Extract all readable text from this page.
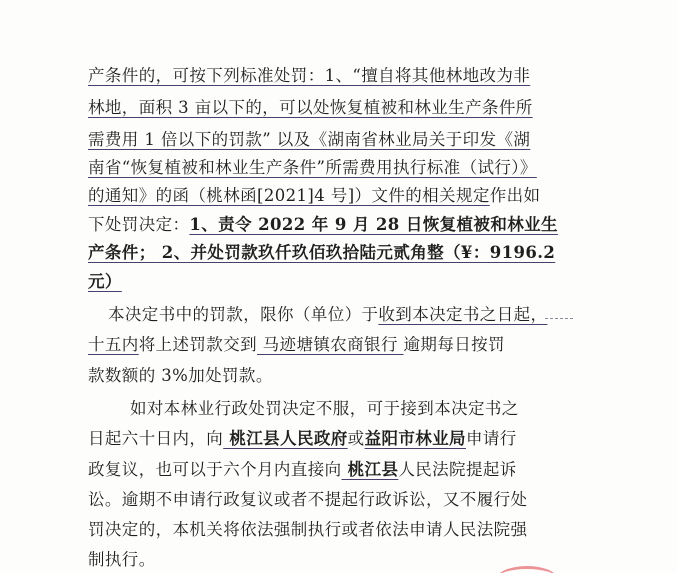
产条件的，可按下列标准处罚：1、“擅自将其他林地改为非
林地，面积 3 亩以下的，可以处恢复植被和林业生产条件所
需费用 1 倍以下的罚款” 以及《湖南省林业局关于印发《湖
南省“恢复植被和林业生产条件”所需费用执行标准（试行）》
的通知》的函（桃林函[2021]4 号]）文件的相关规定作出如
下处罚决定：1、责令 2022 年 9 月 28 日恢复植被和林业生
产条件； 2、并处罚款玖仟玖佰玖拾陆元贰角整（¥：9196.2
元）
本决定书中的罚款，限你（单位）于收到本决定书之日起，
十五内将上述罚款交到 马迹塘镇农商银行 逾期每日按罚
款数额的 3%加处罚款。
如对本林业行政处罚决定不服，可于接到本决定书之
日起六十日内，向 桃江县人民政府或益阳市林业局申请行
政复议，也可以于六个月内直接向 桃江县人民法院提起诉
讼。逾期不申请行政复议或者不提起行政诉讼，又不履行处
罚决定的，本机关将依法强制执行或者依法申请人民法院强
制执行。
